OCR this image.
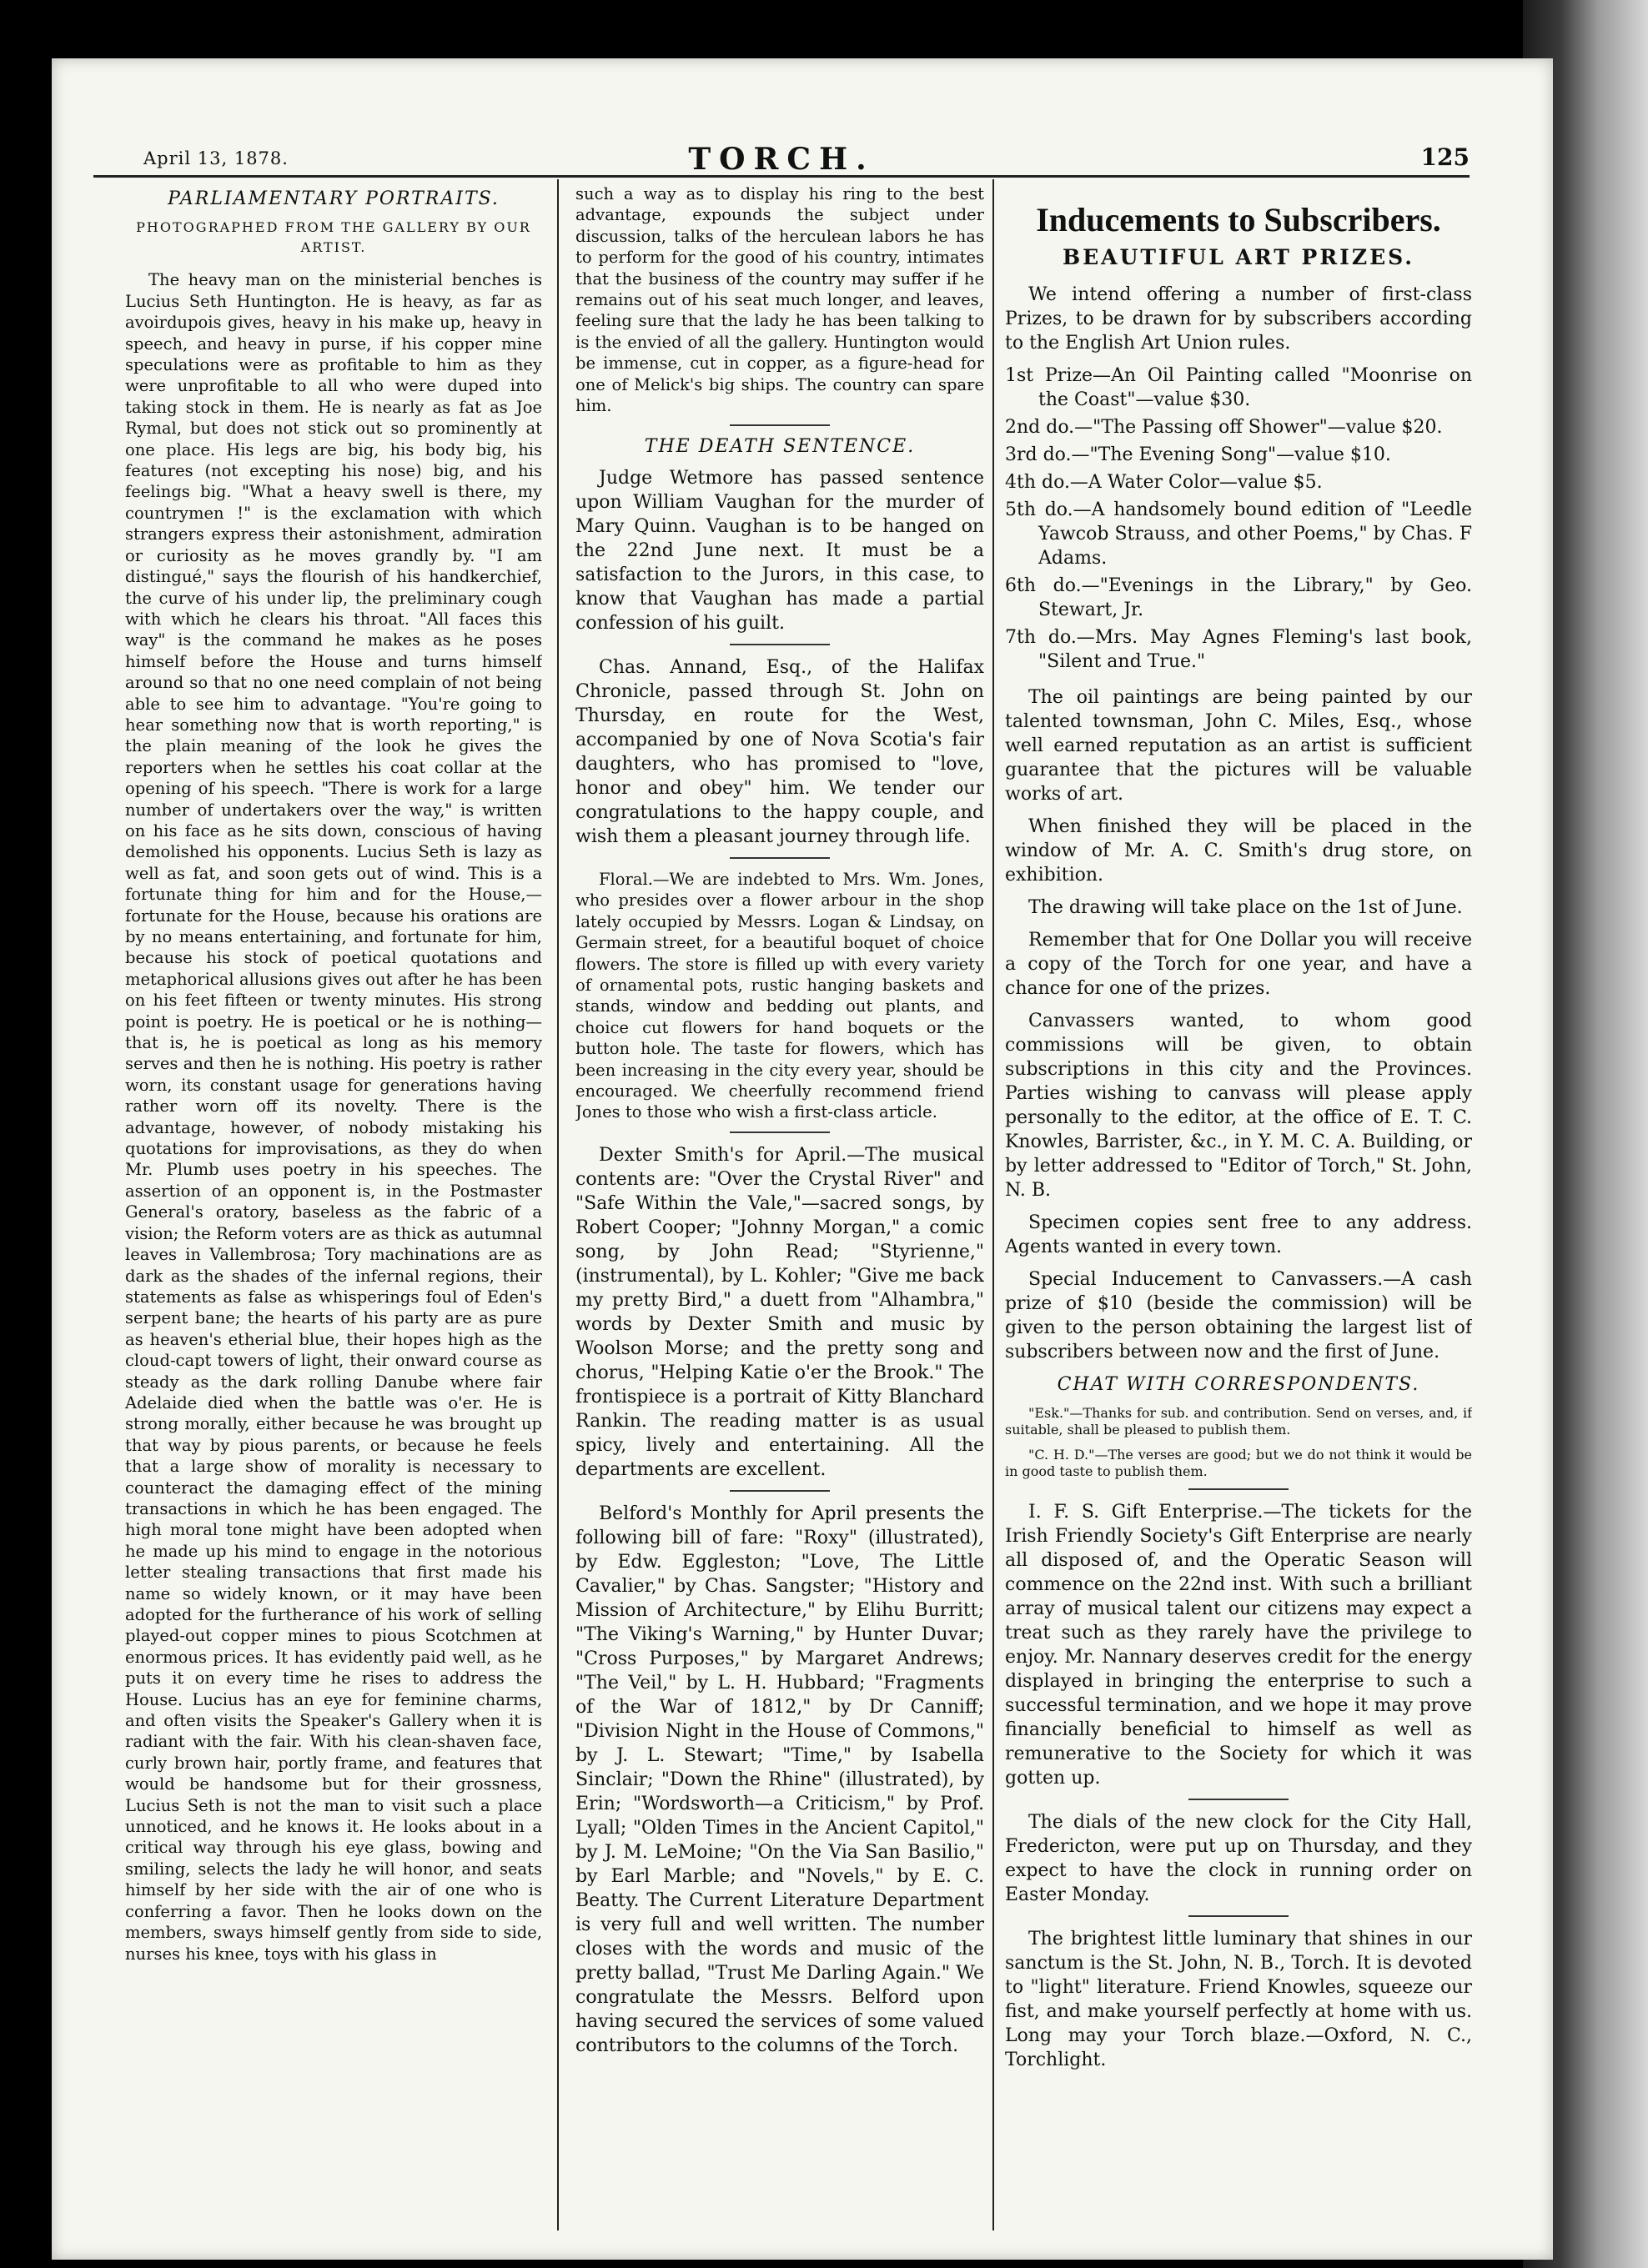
April 13, 1878.	TORCH.	125

PARLIAMENTARY PORTRAITS.

PHOTOGRAPHED FROM THE GALLERY BY OUR ARTIST.

The heavy man on the ministerial benches is Lucius Seth Huntington. He is heavy, as far as avoirdupois gives, heavy in his make up, heavy in speech, and heavy in purse, if his copper mine speculations were as profitable to him as they were unprofitable to all who were duped into taking stock in them. He is nearly as fat as Joe Rymal, but does not stick out so prominently at one place. His legs are big, his body big, his features (not excepting his nose) big, and his feelings big. "What a heavy swell is there, my countrymen !" is the exclamation with which strangers express their astonishment, admiration or curiosity as he moves grandly by. "I am distingué," says the flourish of his handkerchief, the curve of his under lip, the preliminary cough with which he clears his throat. "All faces this way" is the command he makes as he poses himself before the House and turns himself around so that no one need complain of not being able to see him to advantage. "You're going to hear something now that is worth reporting," is the plain meaning of the look he gives the reporters when he settles his coat collar at the opening of his speech. "There is work for a large number of undertakers over the way," is written on his face as he sits down, conscious of having demolished his opponents. Lucius Seth is lazy as well as fat, and soon gets out of wind. This is a fortunate thing for him and for the House,— fortunate for the House, because his orations are by no means entertaining, and fortunate for him, because his stock of poetical quotations and metaphorical allusions gives out after he has been on his feet fifteen or twenty minutes. His strong point is poetry. He is poetical or he is nothing—that is, he is poetical as long as his memory serves and then he is nothing. His poetry is rather worn, its constant usage for generations having rather worn off its novelty. There is the advantage, however, of nobody mistaking his quotations for improvisations, as they do when Mr. Plumb uses poetry in his speeches. The assertion of an opponent is, in the Postmaster General's oratory, baseless as the fabric of a vision; the Reform voters are as thick as autumnal leaves in Vallembrosa; Tory machinations are as dark as the shades of the infernal regions, their statements as false as whisperings foul of Eden's serpent bane; the hearts of his party are as pure as heaven's etherial blue, their hopes high as the cloud-capt towers of light, their onward course as steady as the dark rolling Danube where fair Adelaide died when the battle was o'er. He is strong morally, either because he was brought up that way by pious parents, or because he feels that a large show of morality is necessary to counteract the damaging effect of the mining transactions in which he has been engaged. The high moral tone might have been adopted when he made up his mind to engage in the notorious letter stealing transactions that first made his name so widely known, or it may have been adopted for the furtherance of his work of selling played-out copper mines to pious Scotchmen at enormous prices. It has evidently paid well, as he puts it on every time he rises to address the House. Lucius has an eye for feminine charms, and often visits the Speaker's Gallery when it is radiant with the fair. With his clean-shaven face, curly brown hair, portly frame, and features that would be handsome but for their grossness, Lucius Seth is not the man to visit such a place unnoticed, and he knows it. He looks about in a critical way through his eye glass, bowing and smiling, selects the lady he will honor, and seats himself by her side with the air of one who is conferring a favor. Then he looks down on the members, sways himself gently from side to side, nurses his knee, toys with his glass in

such a way as to display his ring to the best advantage, expounds the subject under discussion, talks of the herculean labors he has to perform for the good of his country, intimates that the business of the country may suffer if he remains out of his seat much longer, and leaves, feeling sure that the lady he has been talking to is the envied of all the gallery. Huntington would be immense, cut in copper, as a figure-head for one of Melick's big ships. The country can spare him.

THE DEATH SENTENCE.

Judge Wetmore has passed sentence upon William Vaughan for the murder of Mary Quinn. Vaughan is to be hanged on the 22nd June next. It must be a satisfaction to the Jurors, in this case, to know that Vaughan has made a partial confession of his guilt.

Chas. Annand, Esq., of the Halifax Chronicle, passed through St. John on Thursday, en route for the West, accompanied by one of Nova Scotia's fair daughters, who has promised to "love, honor and obey" him. We tender our congratulations to the happy couple, and wish them a pleasant journey through life.

Floral.—We are indebted to Mrs. Wm. Jones, who presides over a flower arbour in the shop lately occupied by Messrs. Logan & Lindsay, on Germain street, for a beautiful boquet of choice flowers. The store is filled up with every variety of ornamental pots, rustic hanging baskets and stands, window and bedding out plants, and choice cut flowers for hand boquets or the button hole. The taste for flowers, which has been increasing in the city every year, should be encouraged. We cheerfully recommend friend Jones to those who wish a first-class article.

Dexter Smith's for April.—The musical contents are: "Over the Crystal River" and "Safe Within the Vale,"—sacred songs, by Robert Cooper; "Johnny Morgan," a comic song, by John Read; "Styrienne," (instrumental), by L. Kohler; "Give me back my pretty Bird," a duett from "Alhambra," words by Dexter Smith and music by Woolson Morse; and the pretty song and chorus, "Helping Katie o'er the Brook." The frontispiece is a portrait of Kitty Blanchard Rankin. The reading matter is as usual spicy, lively and entertaining. All the departments are excellent.

Belford's Monthly for April presents the following bill of fare: "Roxy" (illustrated), by Edw. Eggleston; "Love, The Little Cavalier," by Chas. Sangster; "History and Mission of Architecture," by Elihu Burritt; "The Viking's Warning," by Hunter Duvar; "Cross Purposes," by Margaret Andrews; "The Veil," by L. H. Hubbard; "Fragments of the War of 1812," by Dr Canniff; "Division Night in the House of Commons," by J. L. Stewart; "Time," by Isabella Sinclair; "Down the Rhine" (illustrated), by Erin; "Wordsworth—a Criticism," by Prof. Lyall; "Olden Times in the Ancient Capitol," by J. M. LeMoine; "On the Via San Basilio," by Earl Marble; and "Novels," by E. C. Beatty. The Current Literature Department is very full and well written. The number closes with the words and music of the pretty ballad, "Trust Me Darling Again." We congratulate the Messrs. Belford upon having secured the services of some valued contributors to the columns of the Torch.

Inducements to Subscribers.

BEAUTIFUL ART PRIZES.

We intend offering a number of first-class Prizes, to be drawn for by subscribers according to the English Art Union rules.

1st Prize—An Oil Painting called "Moonrise on the Coast"—value $30.

2nd do.—"The Passing off Shower"—value $20.

3rd do.—"The Evening Song"—value $10.

4th do.—A Water Color—value $5.

5th do.—A handsomely bound edition of "Leedle Yawcob Strauss, and other Poems," by Chas. F Adams.

6th do.—"Evenings in the Library," by Geo. Stewart, Jr.

7th do.—Mrs. May Agnes Fleming's last book, "Silent and True."

The oil paintings are being painted by our talented townsman, John C. Miles, Esq., whose well earned reputation as an artist is sufficient guarantee that the pictures will be valuable works of art.

When finished they will be placed in the window of Mr. A. C. Smith's drug store, on exhibition.

The drawing will take place on the 1st of June.

Remember that for One Dollar you will receive a copy of the Torch for one year, and have a chance for one of the prizes.

Canvassers wanted, to whom good commissions will be given, to obtain subscriptions in this city and the Provinces. Parties wishing to canvass will please apply personally to the editor, at the office of E. T. C. Knowles, Barrister, &c., in Y. M. C. A. Building, or by letter addressed to "Editor of Torch," St. John, N. B.

Specimen copies sent free to any address. Agents wanted in every town.

Special Inducement to Canvassers.—A cash prize of $10 (beside the commission) will be given to the person obtaining the largest list of subscribers between now and the first of June.

CHAT WITH CORRESPONDENTS.

"Esk."—Thanks for sub. and contribution. Send on verses, and, if suitable, shall be pleased to publish them.

"C. H. D."—The verses are good; but we do not think it would be in good taste to publish them.

I. F. S. Gift Enterprise.—The tickets for the Irish Friendly Society's Gift Enterprise are nearly all disposed of, and the Operatic Season will commence on the 22nd inst. With such a brilliant array of musical talent our citizens may expect a treat such as they rarely have the privilege to enjoy. Mr. Nannary deserves credit for the energy displayed in bringing the enterprise to such a successful termination, and we hope it may prove financially beneficial to himself as well as remunerative to the Society for which it was gotten up.

The dials of the new clock for the City Hall, Fredericton, were put up on Thursday, and they expect to have the clock in running order on Easter Monday.

The brightest little luminary that shines in our sanctum is the St. John, N. B., Torch. It is devoted to "light" literature. Friend Knowles, squeeze our fist, and make yourself perfectly at home with us. Long may your Torch blaze.—Oxford, N. C., Torchlight.
